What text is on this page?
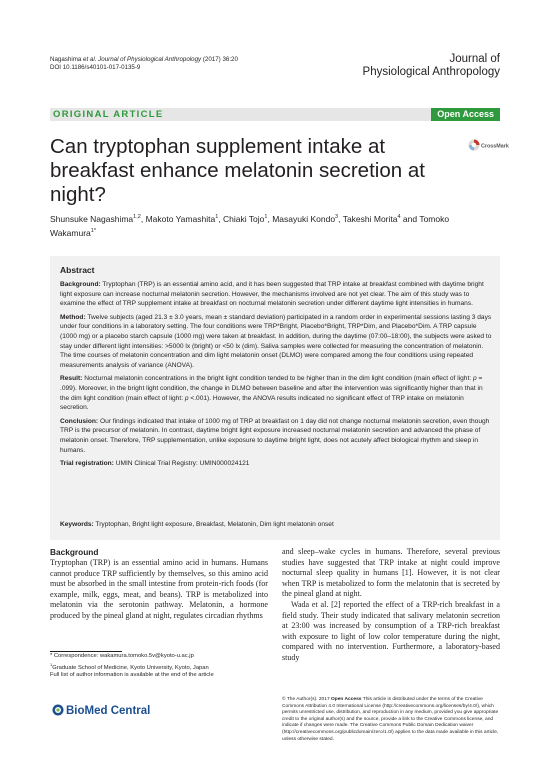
Nagashima et al. Journal of Physiological Anthropology (2017) 36:20
DOI 10.1186/s40101-017-0135-9
Journal of
Physiological Anthropology
ORIGINAL ARTICLE	Open Access
Can tryptophan supplement intake at breakfast enhance melatonin secretion at night?
CrossMark
Shunsuke Nagashima$^{1,2}$, Makoto Yamashita$^1$, Chiaki Tojo$^1$, Masayuki Kondo$^3$, Takeshi Morita$^4$ and Tomoko Wakamura$^{1*}$
Abstract

Background: Tryptophan (TRP) is an essential amino acid, and it has been suggested that TRP intake at breakfast combined with daytime bright light exposure can increase nocturnal melatonin secretion. However, the mechanisms involved are not yet clear. The aim of this study was to examine the effect of TRP supplement intake at breakfast on nocturnal melatonin secretion under different daytime light intensities in humans.

Method: Twelve subjects (aged 21.3 ± 3.0 years, mean ± standard deviation) participated in a random order in experimental sessions lasting 3 days under four conditions in a laboratory setting. The four conditions were TRP*Bright, Placebo*Bright, TRP*Dim, and Placebo*Dim. A TRP capsule (1000 mg) or a placebo starch capsule (1000 mg) were taken at breakfast. In addition, during the daytime (07:00–18:00), the subjects were asked to stay under different light intensities: >5000 lx (bright) or <50 lx (dim). Saliva samples were collected for measuring the concentration of melatonin. The time courses of melatonin concentration and dim light melatonin onset (DLMO) were compared among the four conditions using repeated measurements analysis of variance (ANOVA).

Result: Nocturnal melatonin concentrations in the bright light condition tended to be higher than in the dim light condition (main effect of light: p = .099). Moreover, in the bright light condition, the change in DLMO between baseline and after the intervention was significantly higher than that in the dim light condition (main effect of light: p <.001). However, the ANOVA results indicated no significant effect of TRP intake on melatonin secretion.

Conclusion: Our findings indicated that intake of 1000 mg of TRP at breakfast on 1 day did not change nocturnal melatonin secretion, even though TRP is the precursor of melatonin. In contrast, daytime bright light exposure increased nocturnal melatonin secretion and advanced the phase of melatonin onset. Therefore, TRP supplementation, unlike exposure to daytime bright light, does not acutely affect biological rhythm and sleep in humans.

Trial registration: UMIN Clinical Trial Registry: UMIN000024121

Keywords: Tryptophan, Bright light exposure, Breakfast, Melatonin, Dim light melatonin onset
Background

Tryptophan (TRP) is an essential amino acid in humans. Humans cannot produce TRP sufficiently by themselves, so this amino acid must be absorbed in the small intestine from protein-rich foods (for example, milk, eggs, meat, and beans). TRP is metabolized into melatonin via the serotonin pathway. Melatonin, a hormone produced by the pineal gland at night, regulates circadian rhythms

and sleep–wake cycles in humans. Therefore, several previous studies have suggested that TRP intake at night could improve nocturnal sleep quality in humans [1]. However, it is not clear when TRP is metabolized to form the melatonin that is secreted by the pineal gland at night.

Wada et al. [2] reported the effect of a TRP-rich breakfast in a field study. Their study indicated that salivary melatonin secretion at 23:00 was increased by consumption of a TRP-rich breakfast with exposure to light of low color temperature during the night, compared with no intervention. Furthermore, a laboratory-based study

* Correspondence: wakamura.tomoko.5v@kyoto-u.ac.jp
$^1$Graduate School of Medicine, Kyoto University, Kyoto, Japan
Full list of author information is available at the end of the article
BioMed Central
© The Author(s). 2017 Open Access This article is distributed under the terms of the Creative Commons Attribution 4.0 International License (http://creativecommons.org/licenses/by/4.0/), which permits unrestricted use, distribution, and reproduction in any medium, provided you give appropriate credit to the original author(s) and the source, provide a link to the Creative Commons license, and indicate if changes were made. The Creative Commons Public Domain Dedication waiver (http://creativecommons.org/publicdomain/zero/1.0/) applies to the data made available in this article, unless otherwise stated.
